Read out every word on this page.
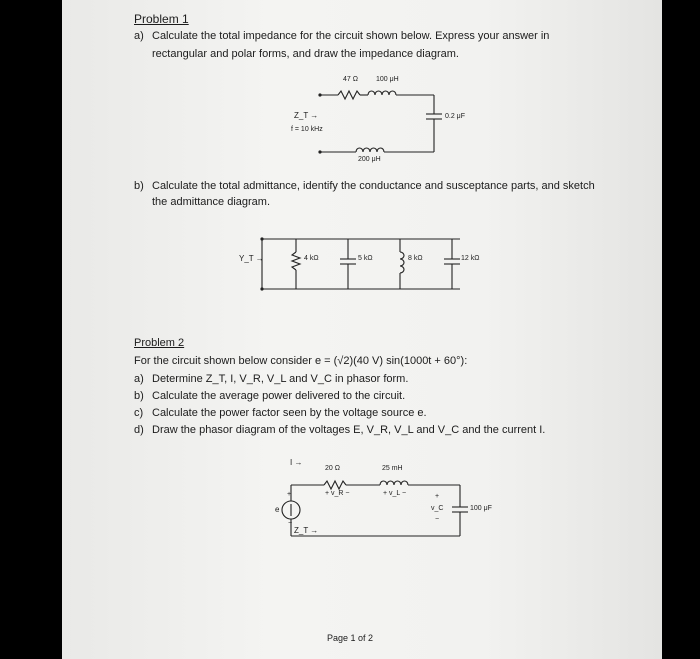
Problem 1
a) Calculate the total impedance for the circuit shown below. Express your answer in
rectangular and polar forms, and draw the impedance diagram.
47 Ω	100 μH
0.2 μF
200 μH
Z_T →
f = 10 kHz
b) Calculate the total admittance, identify the conductance and susceptance parts, and sketch
the admittance diagram.
Y_T →	4 kΩ	5 kΩ	8 kΩ	12 kΩ
Problem 2
For the circuit shown below consider e = (√2)(40 V) sin(1000t + 60°):
a) Determine Z_T, I, V_R, V_L and V_C in phasor form.
b) Calculate the average power delivered to the circuit.
c) Calculate the power factor seen by the voltage source e.
d) Draw the phasor diagram of the voltages E, V_R, V_L and V_C and the current I.
I →
20 Ω	25 mH
+ v_R −	+ v_L −
100 μF
+
v_C
−
e
+
−
Z_T →
Page 1 of 2
